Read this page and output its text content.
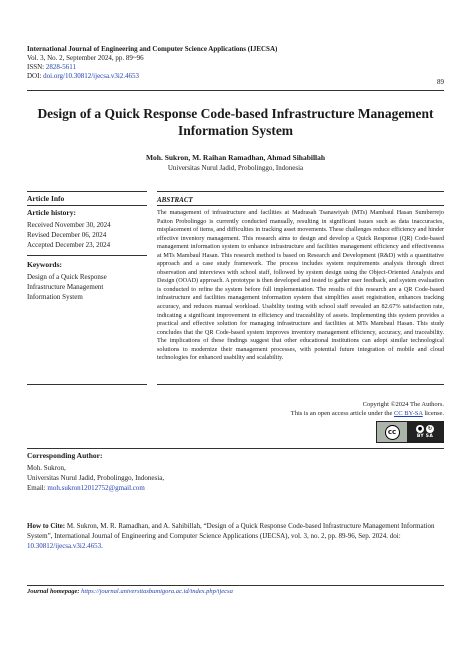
International Journal of Engineering and Computer Science Applications (IJECSA)
Vol. 3, No. 2, September 2024, pp. 89~96
ISSN: 2828-5611
DOI: doi.org/10.30812/ijecsa.v3i2.4653
89
Design of a Quick Response Code-based Infrastructure Management
Information System
Moh. Sukron, M. Raihan Ramadhan, Ahmad Sihabillah
Universitas Nurul Jadid, Probolinggo, Indonesia
Article Info
Article history:
Received November 30, 2024
Revised December 06, 2024
Accepted December 23, 2024
Keywords:
Design of a Quick Response
Infrastructure Management
Information System
ABSTRACT
The management of infrastructure and facilities at Madrasah Tsanawiyah (MTs) Mambaul Hasan Sumberrejo Paiton Probolinggo is currently conducted manually, resulting in significant issues such as data inaccuracies, misplacement of items, and difficulties in tracking asset movements. These challenges reduce efficiency and hinder effective inventory management. This research aims to design and develop a Quick Response (QR) Code-based management information system to enhance infrastructure and facilities management efficiency and effectiveness at MTs Mambaul Hasan. This research method is based on Research and Development (R&D) with a quantitative approach and a case study framework. The process includes system requirements analysis through direct observation and interviews with school staff, followed by system design using the Object-Oriented Analysis and Design (OOAD) approach. A prototype is then developed and tested to gather user feedback, and system evaluation is conducted to refine the system before full implementation. The results of this research are a QR Code-based infrastructure and facilities management information system that simplifies asset registration, enhances tracking accuracy, and reduces manual workload. Usability testing with school staff revealed an 82.67% satisfaction rate, indicating a significant improvement in efficiency and traceability of assets. Implementing this system provides a practical and effective solution for managing infrastructure and facilities at MTs Mambaul Hasan. This study concludes that the QR Code-based system improves inventory management efficiency, accuracy, and traceability. The implications of these findings suggest that other educational institutions can adopt similar technological solutions to modernize their management processes, with potential future integration of mobile and cloud technologies for enhanced usability and scalability.
Copyright ©2024 The Authors.
This is an open access article under the CC BY-SA license.
cc	●	↻
BY SA
Corresponding Author:
Moh. Sukron,
Universitas Nurul Jadid, Probolinggo, Indonesia,
Email: moh.sukron12012752@gmail.com
How to Cite: M. Sukron, M. R. Ramadhan, and A. Sahibillah, “Design of a Quick Response Code-based Infrastructure Management Information System”, International Journal of Engineering and Computer Science Applications (IJECSA), vol. 3, no. 2, pp. 89-96, Sep. 2024. doi: 10.30812/ijecsa.v3i2.4653.
Journal homepage: https://journal.universitasbumigora.ac.id/index.php/ijecsa
